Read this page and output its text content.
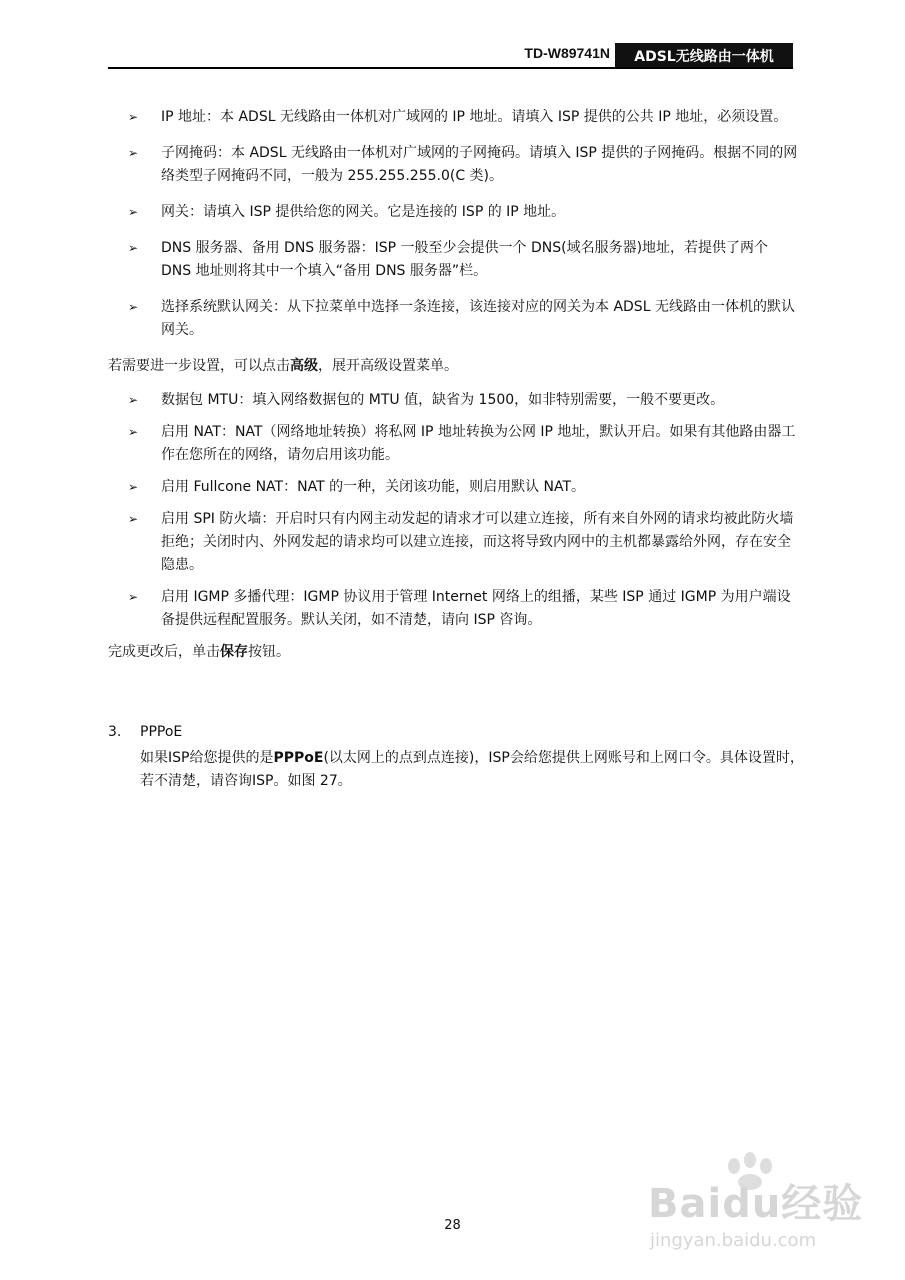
TD-W89741N	ADSL无线路由一体机
➢ IP 地址：本 ADSL 无线路由一体机对广域网的 IP 地址。请填入 ISP 提供的公共 IP 地址，必须设置。
➢ 子网掩码：本 ADSL 无线路由一体机对广域网的子网掩码。请填入 ISP 提供的子网掩码。根据不同的网络类型子网掩码不同，一般为 255.255.255.0(C 类)。
➢ 网关：请填入 ISP 提供给您的网关。它是连接的 ISP 的 IP 地址。
➢ DNS 服务器、备用 DNS 服务器：ISP 一般至少会提供一个 DNS(域名服务器)地址，若提供了两个 DNS 地址则将其中一个填入“备用 DNS 服务器”栏。
➢ 选择系统默认网关：从下拉菜单中选择一条连接，该连接对应的网关为本 ADSL 无线路由一体机的默认网关。

若需要进一步设置，可以点击高级，展开高级设置菜单。

➢ 数据包 MTU：填入网络数据包的 MTU 值，缺省为 1500，如非特别需要，一般不要更改。
➢ 启用 NAT：NAT（网络地址转换）将私网 IP 地址转换为公网 IP 地址，默认开启。如果有其他路由器工作在您所在的网络，请勿启用该功能。
➢ 启用 Fullcone NAT：NAT 的一种，关闭该功能，则启用默认 NAT。
➢ 启用 SPI 防火墙：开启时只有内网主动发起的请求才可以建立连接，所有来自外网的请求均被此防火墙拒绝；关闭时内、外网发起的请求均可以建立连接，而这将导致内网中的主机都暴露给外网，存在安全隐患。
➢ 启用 IGMP 多播代理：IGMP 协议用于管理 Internet 网络上的组播，某些 ISP 通过 IGMP 为用户端设备提供远程配置服务。默认关闭，如不清楚，请向 ISP 咨询。

完成更改后，单击保存按钮。

3. PPPoE
如果ISP给您提供的是PPPoE(以太网上的点到点连接)，ISP会给您提供上网账号和上网口令。具体设置时，若不清楚，请咨询ISP。如图 27。
28	Baidu经验
jingyan.baidu.com
